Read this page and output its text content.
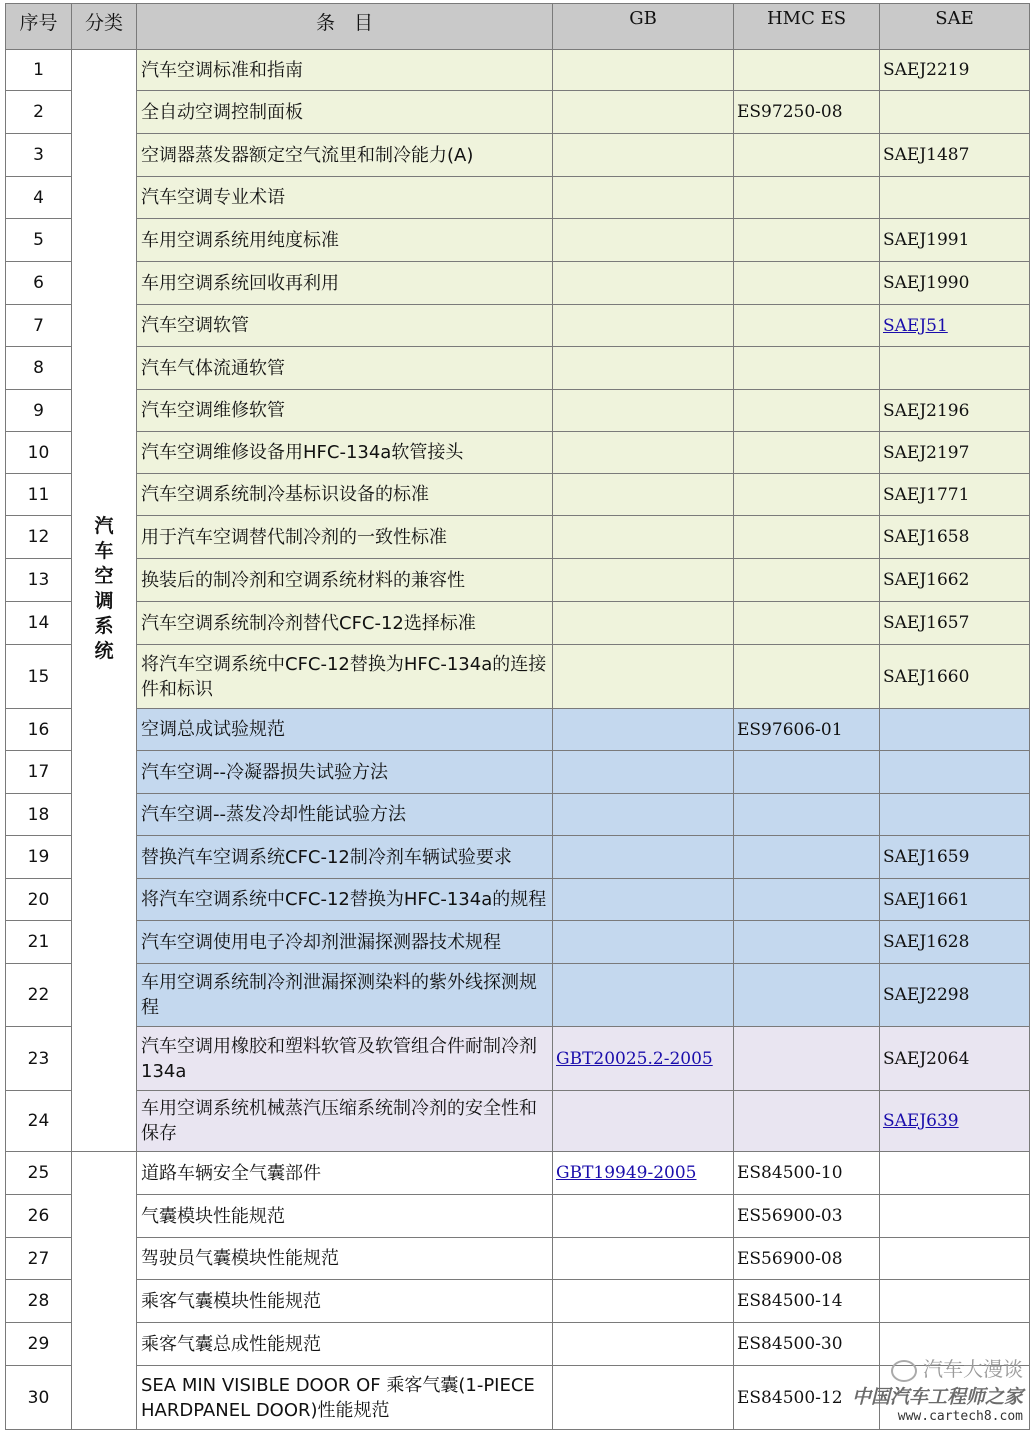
序号	分类	条　目	GB	HMC ES	SAE
1	汽车空调系统	汽车空调标准和指南			SAEJ2219
2		全自动空调控制面板		ES97250-08	
3		空调器蒸发器额定空气流里和制冷能力(A)			SAEJ1487
4		汽车空调专业术语			
5		车用空调系统用纯度标准			SAEJ1991
6		车用空调系统回收再利用			SAEJ1990
7		汽车空调软管			SAEJ51
8		汽车气体流通软管			
9		汽车空调维修软管			SAEJ2196
10		汽车空调维修设备用HFC-134a软管接头			SAEJ2197
11		汽车空调系统制冷基标识设备的标准			SAEJ1771
12		用于汽车空调替代制冷剂的一致性标准			SAEJ1658
13		换装后的制冷剂和空调系统材料的兼容性			SAEJ1662
14		汽车空调系统制冷剂替代CFC-12选择标准			SAEJ1657
15		将汽车空调系统中CFC-12替换为HFC-134a的连接件和标识			SAEJ1660
16		空调总成试验规范		ES97606-01	
17		汽车空调--冷凝器损失试验方法			
18		汽车空调--蒸发冷却性能试验方法			
19		替换汽车空调系统CFC-12制冷剂车辆试验要求			SAEJ1659
20		将汽车空调系统中CFC-12替换为HFC-134a的规程			SAEJ1661
21		汽车空调使用电子冷却剂泄漏探测器技术规程			SAEJ1628
22		车用空调系统制冷剂泄漏探测染料的紫外线探测规程			SAEJ2298
23		汽车空调用橡胶和塑料软管及软管组合件耐制冷剂 134a	GBT20025.2-2005		SAEJ2064
24		车用空调系统机械蒸汽压缩系统制冷剂的安全性和保存			SAEJ639
25		道路车辆安全气囊部件	GBT19949-2005	ES84500-10	
26		气囊模块性能规范		ES56900-03	
27		驾驶员气囊模块性能规范		ES56900-08	
28		乘客气囊模块性能规范		ES84500-14	
29		乘客气囊总成性能规范		ES84500-30	
30		SEA MIN VISIBLE DOOR OF 乘客气囊(1-PIECE HARDPANEL DOOR)性能规范		ES84500-12	
汽车大漫谈
中国汽车工程师之家
www.cartech8.com
